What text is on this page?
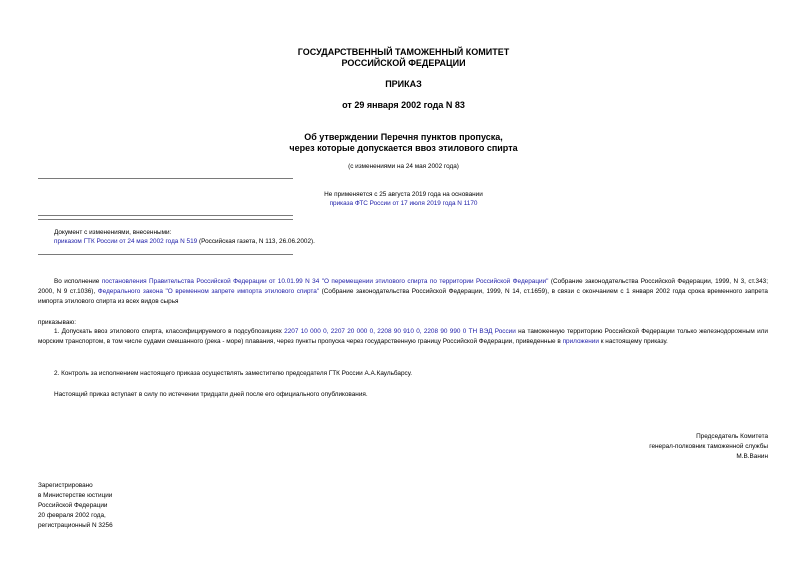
ГОСУДАРСТВЕННЫЙ ТАМОЖЕННЫЙ КОМИТЕТ
РОССИЙСКОЙ ФЕДЕРАЦИИ
ПРИКАЗ
от 29 января 2002 года N 83
Об утверждении Перечня пунктов пропуска,
через которые допускается ввоз этилового спирта
(с изменениями на 24 мая 2002 года)
Не применяется с 25 августа 2019 года на основании
приказа ФТС России от 17 июля 2019 года N 1170
Документ с изменениями, внесенными:
приказом ГТК России от 24 мая 2002 года N 519 (Российская газета, N 113, 26.06.2002).
Во исполнение постановления Правительства Российской Федерации от 10.01.99 N 34 "О перемещении этилового спирта по территории Российской Федерации" (Собрание законодательства Российской Федерации, 1999, N 3, ст.343; 2000, N 9 ст.1036), Федерального закона "О временном запрете импорта этилового спирта" (Собрание законодательства Российской Федерации, 1999, N 14, ст.1659), в связи с окончанием с 1 января 2002 года срока временного запрета импорта этилового спирта из всех видов сырья
приказываю:
1. Допускать ввоз этилового спирта, классифицируемого в подсубпозициях 2207 10 000 0, 2207 20 000 0, 2208 90 910 0, 2208 90 990 0 ТН ВЭД России на таможенную территорию Российской Федерации только железнодорожным или морским транспортом, в том числе судами смешанного (река - море) плавания, через пункты пропуска через государственную границу Российской Федерации, приведенные в приложении к настоящему приказу.
2. Контроль за исполнением настоящего приказа осуществлять заместителю председателя ГТК России А.А.Каульбарсу.
Настоящий приказ вступает в силу по истечении тридцати дней после его официального опубликования.
Председатель Комитета
генерал-полковник таможенной службы
М.В.Ванин
Зарегистрировано
в Министерстве юстиции
Российской Федерации
20 февраля 2002 года,
регистрационный N 3256
